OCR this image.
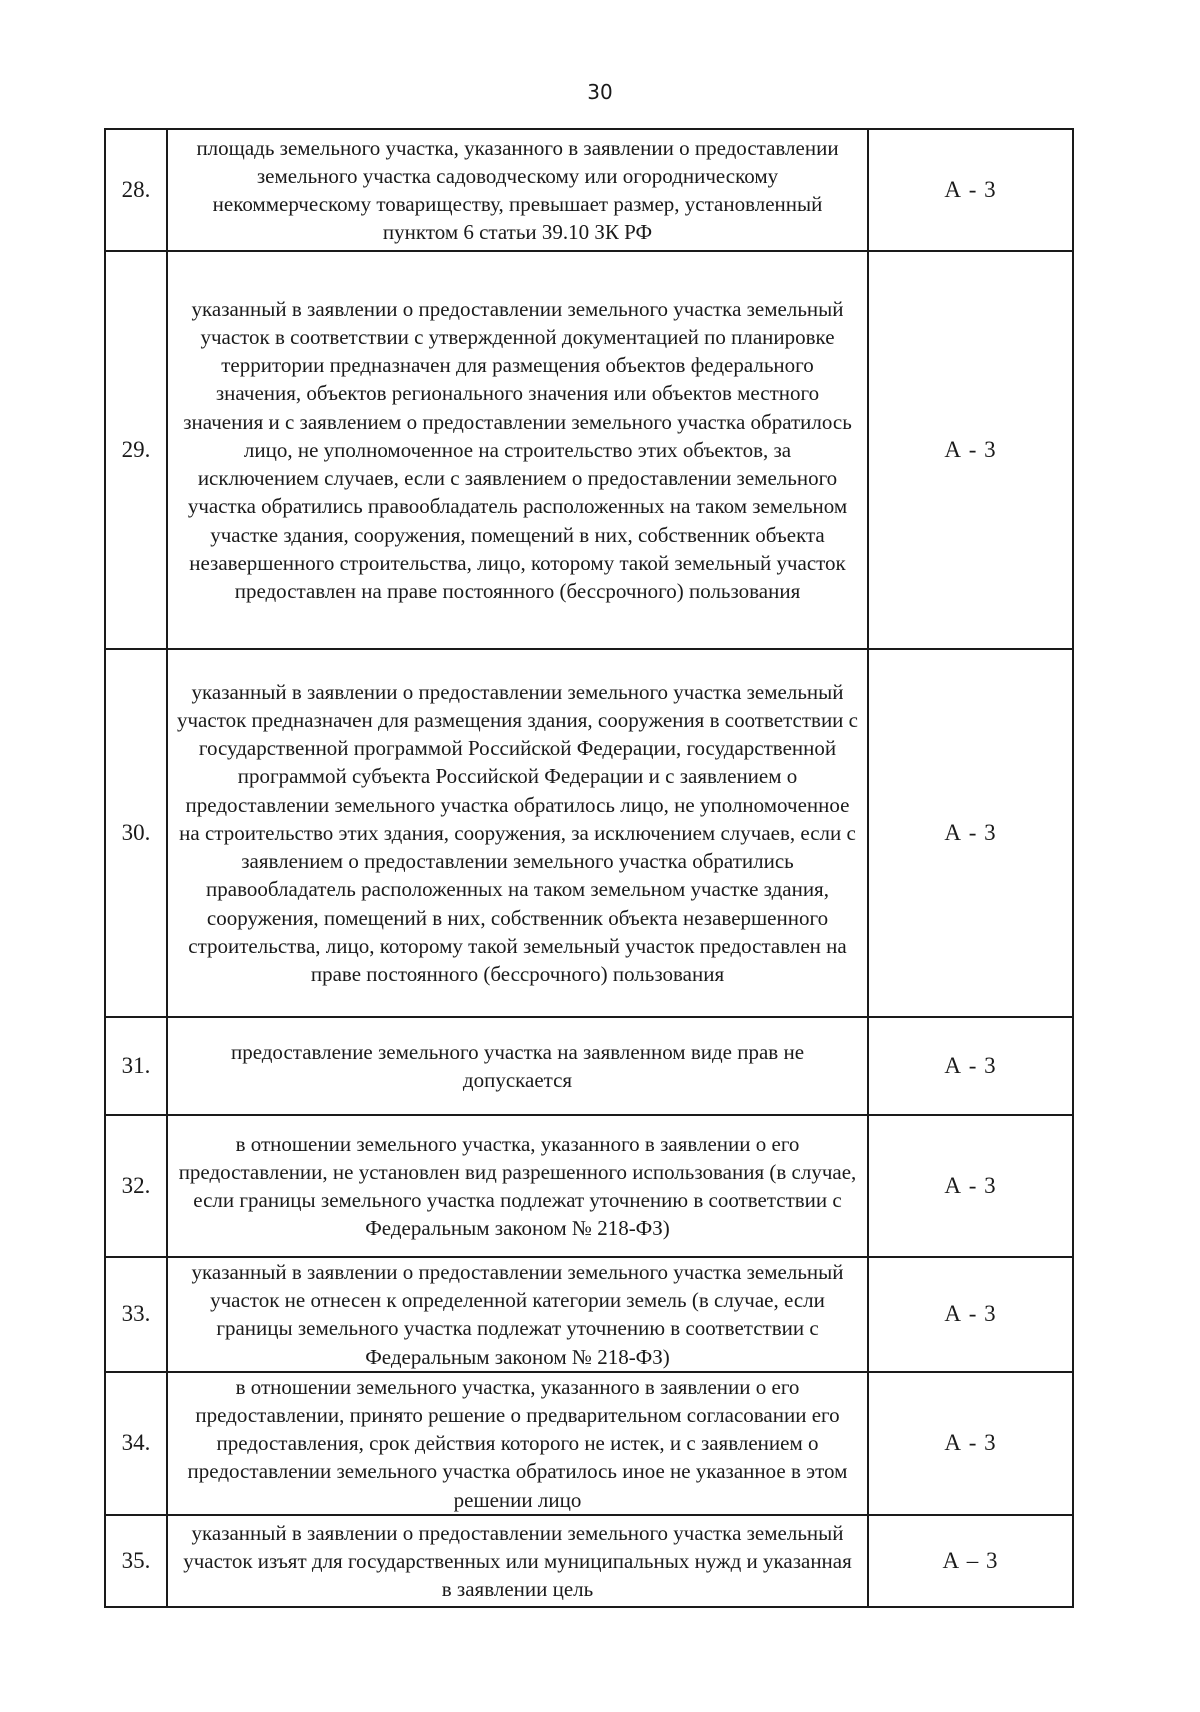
30
28.	площадь земельного участка, указанного в заявлении о предоставлении земельного участка садоводческому или огородническому некоммерческому товариществу, превышает размер, установленный пунктом 6 статьи 39.10 ЗК РФ	А - 3
29.	указанный в заявлении о предоставлении земельного участка земельный участок в соответствии с утвержденной документацией по планировке территории предназначен для размещения объектов федерального значения, объектов регионального значения или объектов местного значения и с заявлением о предоставлении земельного участка обратилось лицо, не уполномоченное на строительство этих объектов, за исключением случаев, если с заявлением о предоставлении земельного участка обратились правообладатель расположенных на таком земельном участке здания, сооружения, помещений в них, собственник объекта незавершенного строительства, лицо, которому такой земельный участок предоставлен на праве постоянного (бессрочного) пользования	А - 3
30.	указанный в заявлении о предоставлении земельного участка земельный участок предназначен для размещения здания, сооружения в соответствии с государственной программой Российской Федерации, государственной программой субъекта Российской Федерации и с заявлением о предоставлении земельного участка обратилось лицо, не уполномоченное на строительство этих здания, сооружения, за исключением случаев, если с заявлением о предоставлении земельного участка обратились правообладатель расположенных на таком земельном участке здания, сооружения, помещений в них, собственник объекта незавершенного строительства, лицо, которому такой земельный участок предоставлен на праве постоянного (бессрочного) пользования	А - 3
31.	предоставление земельного участка на заявленном виде прав не допускается	А - 3
32.	в отношении земельного участка, указанного в заявлении о его предоставлении, не установлен вид разрешенного использования (в случае, если границы земельного участка подлежат уточнению в соответствии с Федеральным законом № 218-ФЗ)	А - 3
33.	указанный в заявлении о предоставлении земельного участка земельный участок не отнесен к определенной категории земель (в случае, если границы земельного участка подлежат уточнению в соответствии с Федеральным законом № 218-ФЗ)	А - 3
34.	в отношении земельного участка, указанного в заявлении о его предоставлении, принято решение о предварительном согласовании его предоставления, срок действия которого не истек, и с заявлением о предоставлении земельного участка обратилось иное не указанное в этом решении лицо	А - 3
35.	указанный в заявлении о предоставлении земельного участка земельный участок изъят для государственных или муниципальных нужд и указанная в заявлении цель	А – 3
